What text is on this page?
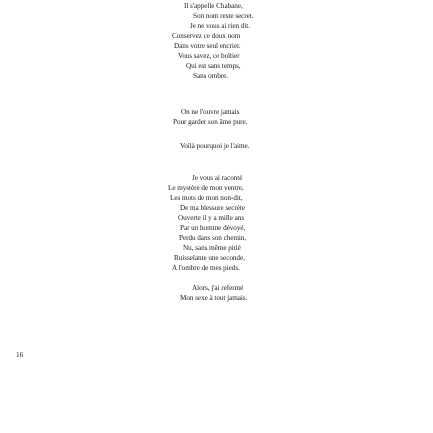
Il s'appelle Chabane,
Son nom reste secret.
Je ne vous ai rien dit.
Conservez ce doux nom
Dans votre seul encrier.
Vous savez, ce boîtier
Qui est sans temps,
Sans ombre.
On ne l'ouvre jamais
Pour garder son âme pure.
Voilà pourquoi je l'aime.
Je vous ai raconté
Le mystère de mon ventre,
Les mots de mon non-dit,
De ma blessure secrète
Ouverte il y a mille ans
Par un homme dévoyé,
Perdu dans son chemin,
Nu, sans même pitié
Ruisselante une seconde,
A l'ombre de mes pieds.
Alors, j'ai refermé
Mon sexe à tout jamais.
16
